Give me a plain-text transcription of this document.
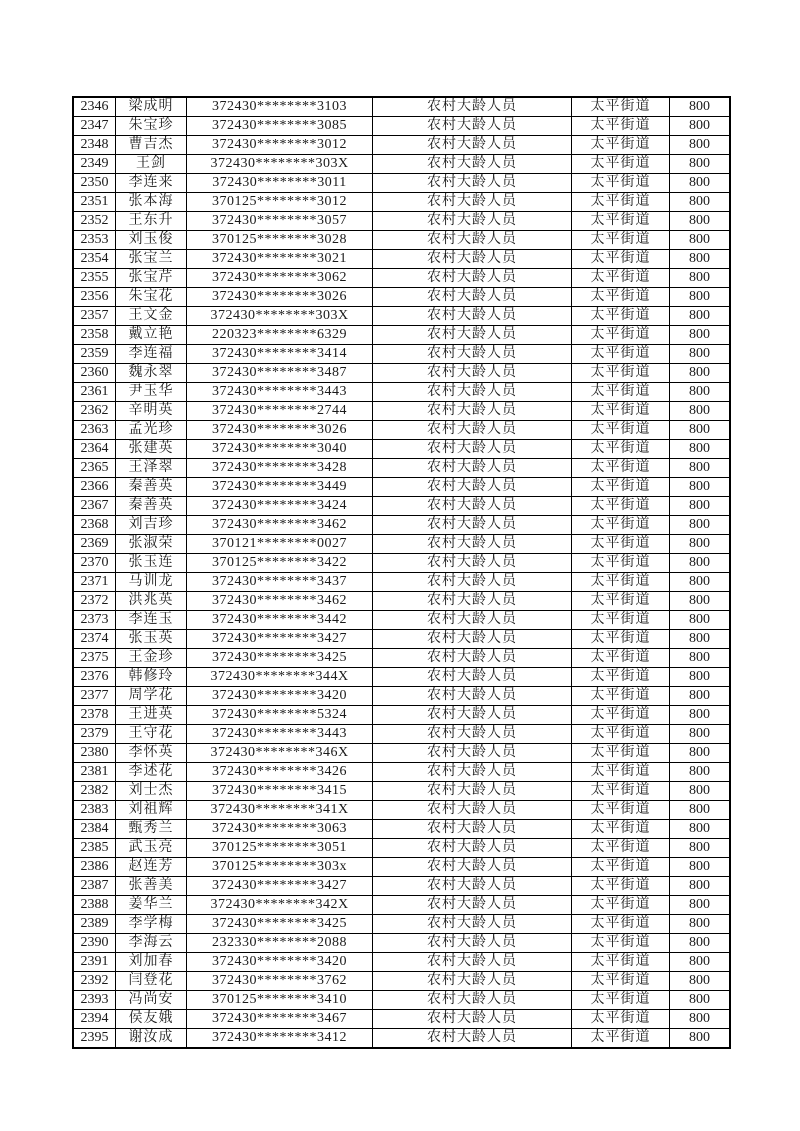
2346	梁成明	372430********3103	农村大龄人员	太平街道	800
2347	朱宝珍	372430********3085	农村大龄人员	太平街道	800
2348	曹吉杰	372430********3012	农村大龄人员	太平街道	800
2349	王剑	372430********303X	农村大龄人员	太平街道	800
2350	李连来	372430********3011	农村大龄人员	太平街道	800
2351	张本海	370125********3012	农村大龄人员	太平街道	800
2352	王东升	372430********3057	农村大龄人员	太平街道	800
2353	刘玉俊	370125********3028	农村大龄人员	太平街道	800
2354	张宝兰	372430********3021	农村大龄人员	太平街道	800
2355	张宝芹	372430********3062	农村大龄人员	太平街道	800
2356	朱宝花	372430********3026	农村大龄人员	太平街道	800
2357	王文金	372430********303X	农村大龄人员	太平街道	800
2358	戴立艳	220323********6329	农村大龄人员	太平街道	800
2359	李连福	372430********3414	农村大龄人员	太平街道	800
2360	魏永翠	372430********3487	农村大龄人员	太平街道	800
2361	尹玉华	372430********3443	农村大龄人员	太平街道	800
2362	辛明英	372430********2744	农村大龄人员	太平街道	800
2363	孟光珍	372430********3026	农村大龄人员	太平街道	800
2364	张建英	372430********3040	农村大龄人员	太平街道	800
2365	王泽翠	372430********3428	农村大龄人员	太平街道	800
2366	秦善英	372430********3449	农村大龄人员	太平街道	800
2367	秦善英	372430********3424	农村大龄人员	太平街道	800
2368	刘吉珍	372430********3462	农村大龄人员	太平街道	800
2369	张淑荣	370121********0027	农村大龄人员	太平街道	800
2370	张玉连	370125********3422	农村大龄人员	太平街道	800
2371	马训龙	372430********3437	农村大龄人员	太平街道	800
2372	洪兆英	372430********3462	农村大龄人员	太平街道	800
2373	李连玉	372430********3442	农村大龄人员	太平街道	800
2374	张玉英	372430********3427	农村大龄人员	太平街道	800
2375	王金珍	372430********3425	农村大龄人员	太平街道	800
2376	韩修玲	372430********344X	农村大龄人员	太平街道	800
2377	周学花	372430********3420	农村大龄人员	太平街道	800
2378	王进英	372430********5324	农村大龄人员	太平街道	800
2379	王守花	372430********3443	农村大龄人员	太平街道	800
2380	李怀英	372430********346X	农村大龄人员	太平街道	800
2381	李述花	372430********3426	农村大龄人员	太平街道	800
2382	刘士杰	372430********3415	农村大龄人员	太平街道	800
2383	刘祖辉	372430********341X	农村大龄人员	太平街道	800
2384	甄秀兰	372430********3063	农村大龄人员	太平街道	800
2385	武玉亮	370125********3051	农村大龄人员	太平街道	800
2386	赵连芳	370125********303x	农村大龄人员	太平街道	800
2387	张善美	372430********3427	农村大龄人员	太平街道	800
2388	姜华兰	372430********342X	农村大龄人员	太平街道	800
2389	李学梅	372430********3425	农村大龄人员	太平街道	800
2390	李海云	232330********2088	农村大龄人员	太平街道	800
2391	刘加春	372430********3420	农村大龄人员	太平街道	800
2392	闫登花	372430********3762	农村大龄人员	太平街道	800
2393	冯尚安	370125********3410	农村大龄人员	太平街道	800
2394	侯友娥	372430********3467	农村大龄人员	太平街道	800
2395	谢汝成	372430********3412	农村大龄人员	太平街道	800
